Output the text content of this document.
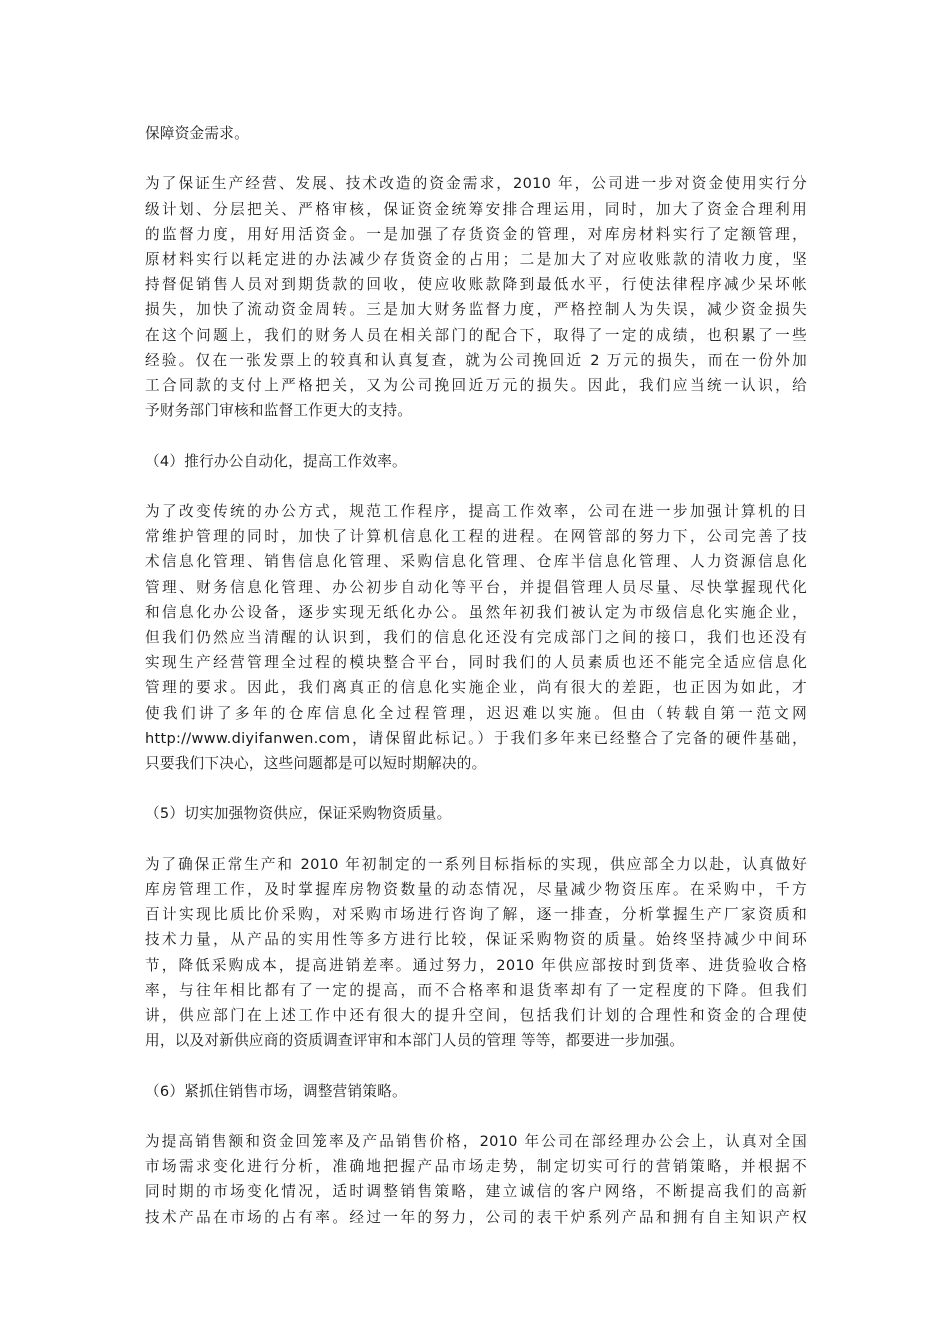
保障资金需求。

为了保证生产经营、发展、技术改造的资金需求，2010 年，公司进一步对资金使用实行分
级计划、分层把关、严格审核，保证资金统筹安排合理运用，同时，加大了资金合理利用
的监督力度，用好用活资金。一是加强了存货资金的管理，对库房材料实行了定额管理，
原材料实行以耗定进的办法减少存货资金的占用；二是加大了对应收账款的清收力度，坚
持督促销售人员对到期货款的回收，使应收账款降到最低水平，行使法律程序减少呆坏帐
损失，加快了流动资金周转。三是加大财务监督力度，严格控制人为失误，减少资金损失
在这个问题上，我们的财务人员在相关部门的配合下，取得了一定的成绩，也积累了一些
经验。仅在一张发票上的较真和认真复查，就为公司挽回近 2 万元的损失，而在一份外加
工合同款的支付上严格把关，又为公司挽回近万元的损失。因此，我们应当统一认识，给
予财务部门审核和监督工作更大的支持。

（4）推行办公自动化，提高工作效率。

为了改变传统的办公方式，规范工作程序，提高工作效率，公司在进一步加强计算机的日
常维护管理的同时，加快了计算机信息化工程的进程。在网管部的努力下，公司完善了技
术信息化管理、销售信息化管理、采购信息化管理、仓库半信息化管理、人力资源信息化
管理、财务信息化管理、办公初步自动化等平台，并提倡管理人员尽量、尽快掌握现代化
和信息化办公设备，逐步实现无纸化办公。虽然年初我们被认定为市级信息化实施企业，
但我们仍然应当清醒的认识到，我们的信息化还没有完成部门之间的接口，我们也还没有
实现生产经营管理全过程的模块整合平台，同时我们的人员素质也还不能完全适应信息化
管理的要求。因此，我们离真正的信息化实施企业，尚有很大的差距，也正因为如此，才
使我们讲了多年的仓库信息化全过程管理，迟迟难以实施。但由（转载自第一范文网
http://www.diyifanwen.com，请保留此标记。）于我们多年来已经整合了完备的硬件基础，
只要我们下决心，这些问题都是可以短时期解决的。

（5）切实加强物资供应，保证采购物资质量。

为了确保正常生产和 2010 年初制定的一系列目标指标的实现，供应部全力以赴，认真做好
库房管理工作，及时掌握库房物资数量的动态情况，尽量减少物资压库。在采购中，千方
百计实现比质比价采购，对采购市场进行咨询了解，逐一排查，分析掌握生产厂家资质和
技术力量，从产品的实用性等多方进行比较，保证采购物资的质量。始终坚持减少中间环
节，降低采购成本，提高进销差率。通过努力，2010 年供应部按时到货率、进货验收合格
率，与往年相比都有了一定的提高，而不合格率和退货率却有了一定程度的下降。但我们
讲，供应部门在上述工作中还有很大的提升空间，包括我们计划的合理性和资金的合理使
用，以及对新供应商的资质调查评审和本部门人员的管理 等等，都要进一步加强。

（6）紧抓住销售市场，调整营销策略。

为提高销售额和资金回笼率及产品销售价格，2010 年公司在部经理办公会上，认真对全国
市场需求变化进行分析，准确地把握产品市场走势，制定切实可行的营销策略，并根据不
同时期的市场变化情况，适时调整销售策略，建立诚信的客户网络，不断提高我们的高新
技术产品在市场的占有率。经过一年的努力，公司的表干炉系列产品和拥有自主知识产权
